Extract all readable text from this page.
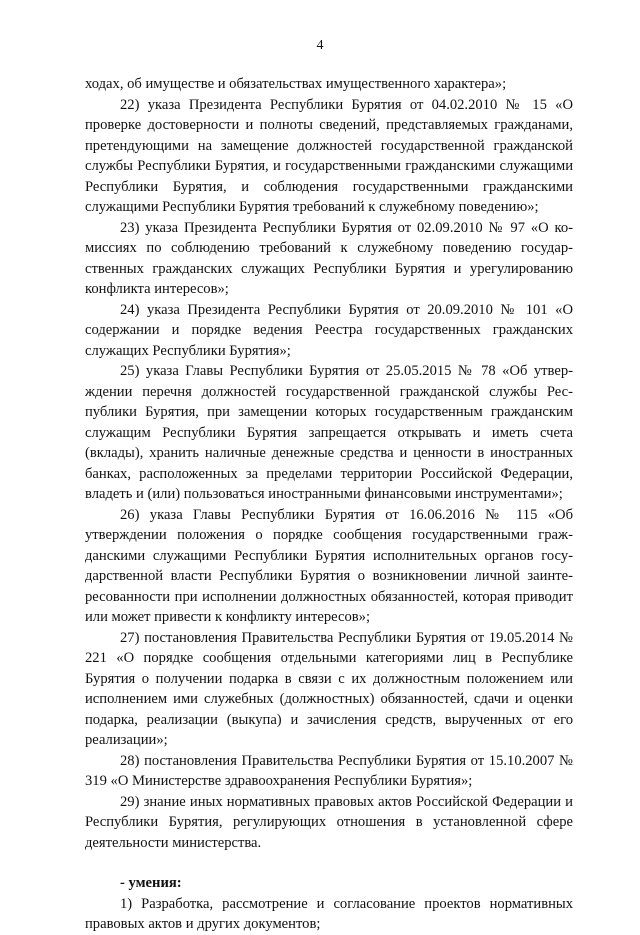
4

ходах, об имуществе и обязательствах имущественного характера»;

22) указа Президента Республики Бурятия от 04.02.2010 № 15 «О проверке достоверности и полноты сведений, представляемых гражданами, претендующими на замещение должностей государственной гражданской службы Республики Бурятия, и государственными гражданскими служащими Республики Бурятия, и соблюдения государственными гражданскими служащими Республики Бурятия требований к служебному поведению»;

23) указа Президента Республики Бурятия от 02.09.2010 № 97 «О комиссиях по соблюдению требований к служебному поведению государственных гражданских служащих Республики Бурятия и урегулированию конфликта интересов»;

24) указа Президента Республики Бурятия от 20.09.2010 № 101 «О содержании и порядке ведения Реестра государственных гражданских служащих Республики Бурятия»;

25) указа Главы Республики Бурятия от 25.05.2015 № 78 «Об утверждении перечня должностей государственной гражданской службы Республики Бурятия, при замещении которых государственным гражданским служащим Республики Бурятия запрещается открывать и иметь счета (вклады), хранить наличные денежные средства и ценности в иностранных банках, расположенных за пределами территории Российской Федерации, владеть и (или) пользоваться иностранными финансовыми инструментами»;

26) указа Главы Республики Бурятия от 16.06.2016 № 115 «Об утверждении положения о порядке сообщения государственными гражданскими служащими Республики Бурятия исполнительных органов государственной власти Республики Бурятия о возникновении личной заинтересованности при исполнении должностных обязанностей, которая приводит или может привести к конфликту интересов»;

27) постановления Правительства Республики Бурятия от 19.05.2014 № 221 «О порядке сообщения отдельными категориями лиц в Республике Бурятия о получении подарка в связи с их должностным положением или исполнением ими служебных (должностных) обязанностей, сдачи и оценки подарка, реализации (выкупа) и зачисления средств, вырученных от его реализации»;

28) постановления Правительства Республики Бурятия от 15.10.2007 № 319 «О Министерстве здравоохранения Республики Бурятия»;

29) знание иных нормативных правовых актов Российской Федерации и Республики Бурятия, регулирующих отношения в установленной сфере деятельности министерства.

- умения:

1) Разработка, рассмотрение и согласование проектов нормативных правовых актов и других документов;
